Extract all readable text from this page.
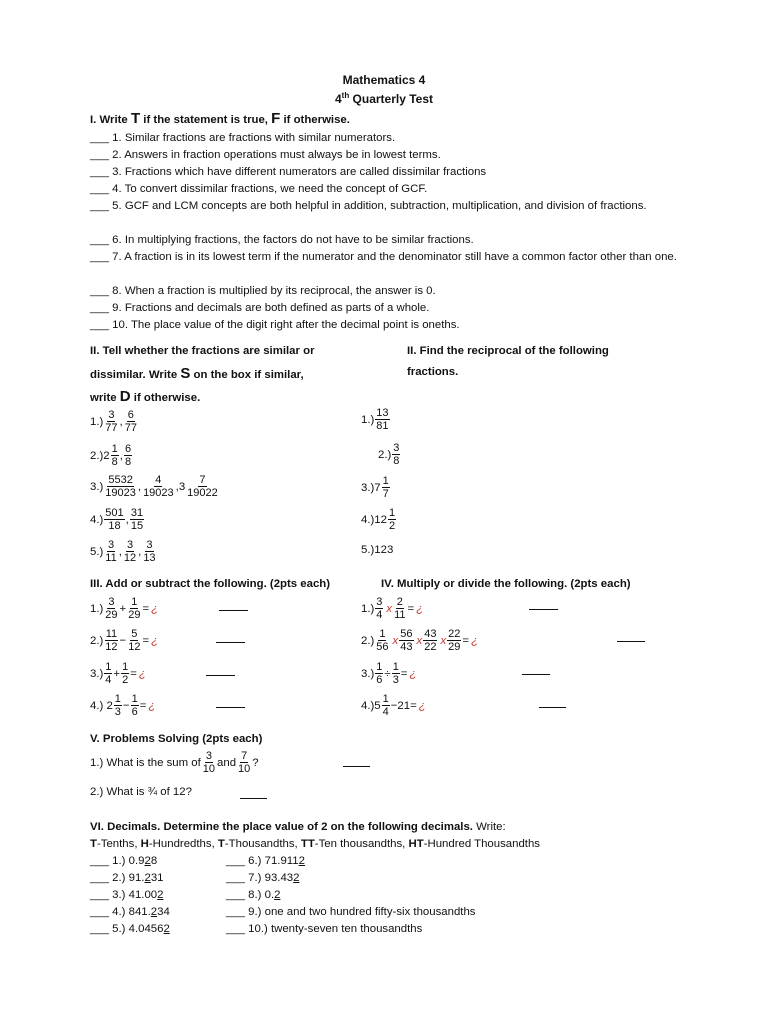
Mathematics 4
4th Quarterly Test
I. Write T if the statement is true, F if otherwise.
___ 1. Similar fractions are fractions with similar numerators.
___ 2. Answers in fraction operations must always be in lowest terms.
___ 3. Fractions which have different numerators are called dissimilar fractions
___ 4. To convert dissimilar fractions, we need the concept of GCF.
___ 5. GCF and LCM concepts are both helpful in addition, subtraction, multiplication, and division of fractions.
___ 6. In multiplying fractions, the factors do not have to be similar fractions.
___ 7. A fraction is in its lowest term if the numerator and the denominator still have a common factor other than one.
___ 8. When a fraction is multiplied by its reciprocal, the answer is 0.
___ 9. Fractions and decimals are both defined as parts of a whole.
___ 10. The place value of the digit right after the decimal point is oneths.
II. Tell whether the fractions are similar or
dissimilar. Write S on the box if similar,
write D if otherwise.
II. Find the reciprocal of the following
fractions.
$1.) \frac{3}{77}$ , $\frac{6}{77}$
$2.)2 \frac{1}{8}$ , $\frac{6}{8}$
$3.) \frac{5532}{19023}$ , $\frac{4}{19023}$ , $3 \frac{7}{19022}$
$4.) \frac{501}{18}$ , $\frac{31}{15}$
$5.) \frac{3}{11}$ , $\frac{3}{12}$ , $\frac{3}{13}$
$1.) \frac{13}{81}$
$2.) \frac{3}{8}$
$3.)7 \frac{1}{7}$
$4.)12 \frac{1}{2}$
5.)123
III. Add or subtract the following. (2pts each)
$1.) \frac{3}{29} + \frac{1}{29}$ = ¿
$2.) \frac{11}{12} - \frac{5}{12}$ = ¿
$3.) \frac{1}{4} + \frac{1}{2}$ = ¿
4.) $2 \frac{1}{3} - \frac{1}{6}$ = ¿
IV. Multiply or divide the following. (2pts each)
$1.) \frac{3}{4}$ x $\frac{2}{11}$ = ¿
$2.) \frac{1}{56}$ x $\frac{56}{43}$ x $\frac{43}{22}$ x $\frac{22}{29}$ = ¿
$3.) \frac{1}{6} \div \frac{1}{3}$ = ¿
$4.)5 \frac{1}{4} -21$ = ¿
V. Problems Solving (2pts each)
1.) What is the sum of $\frac{3}{10}$ and $\frac{7}{10}$ ?
2.) What is ¾ of 12?
VI. Decimals. Determine the place value of 2 on the following decimals. Write:
T-Tenths, H-Hundredths, T-Thousandths, TT-Ten thousandths, HT-Hundred Thousandths
___ 1.) 0.928
___ 2.) 91.231
___ 3.) 41.002
___ 4.) 841.234
___ 5.) 4.04562
___ 6.) 71.9112
___ 7.) 93.432
___ 8.) 0.2
___ 9.) one and two hundred fifty-six thousandths
___ 10.) twenty-seven ten thousandths
